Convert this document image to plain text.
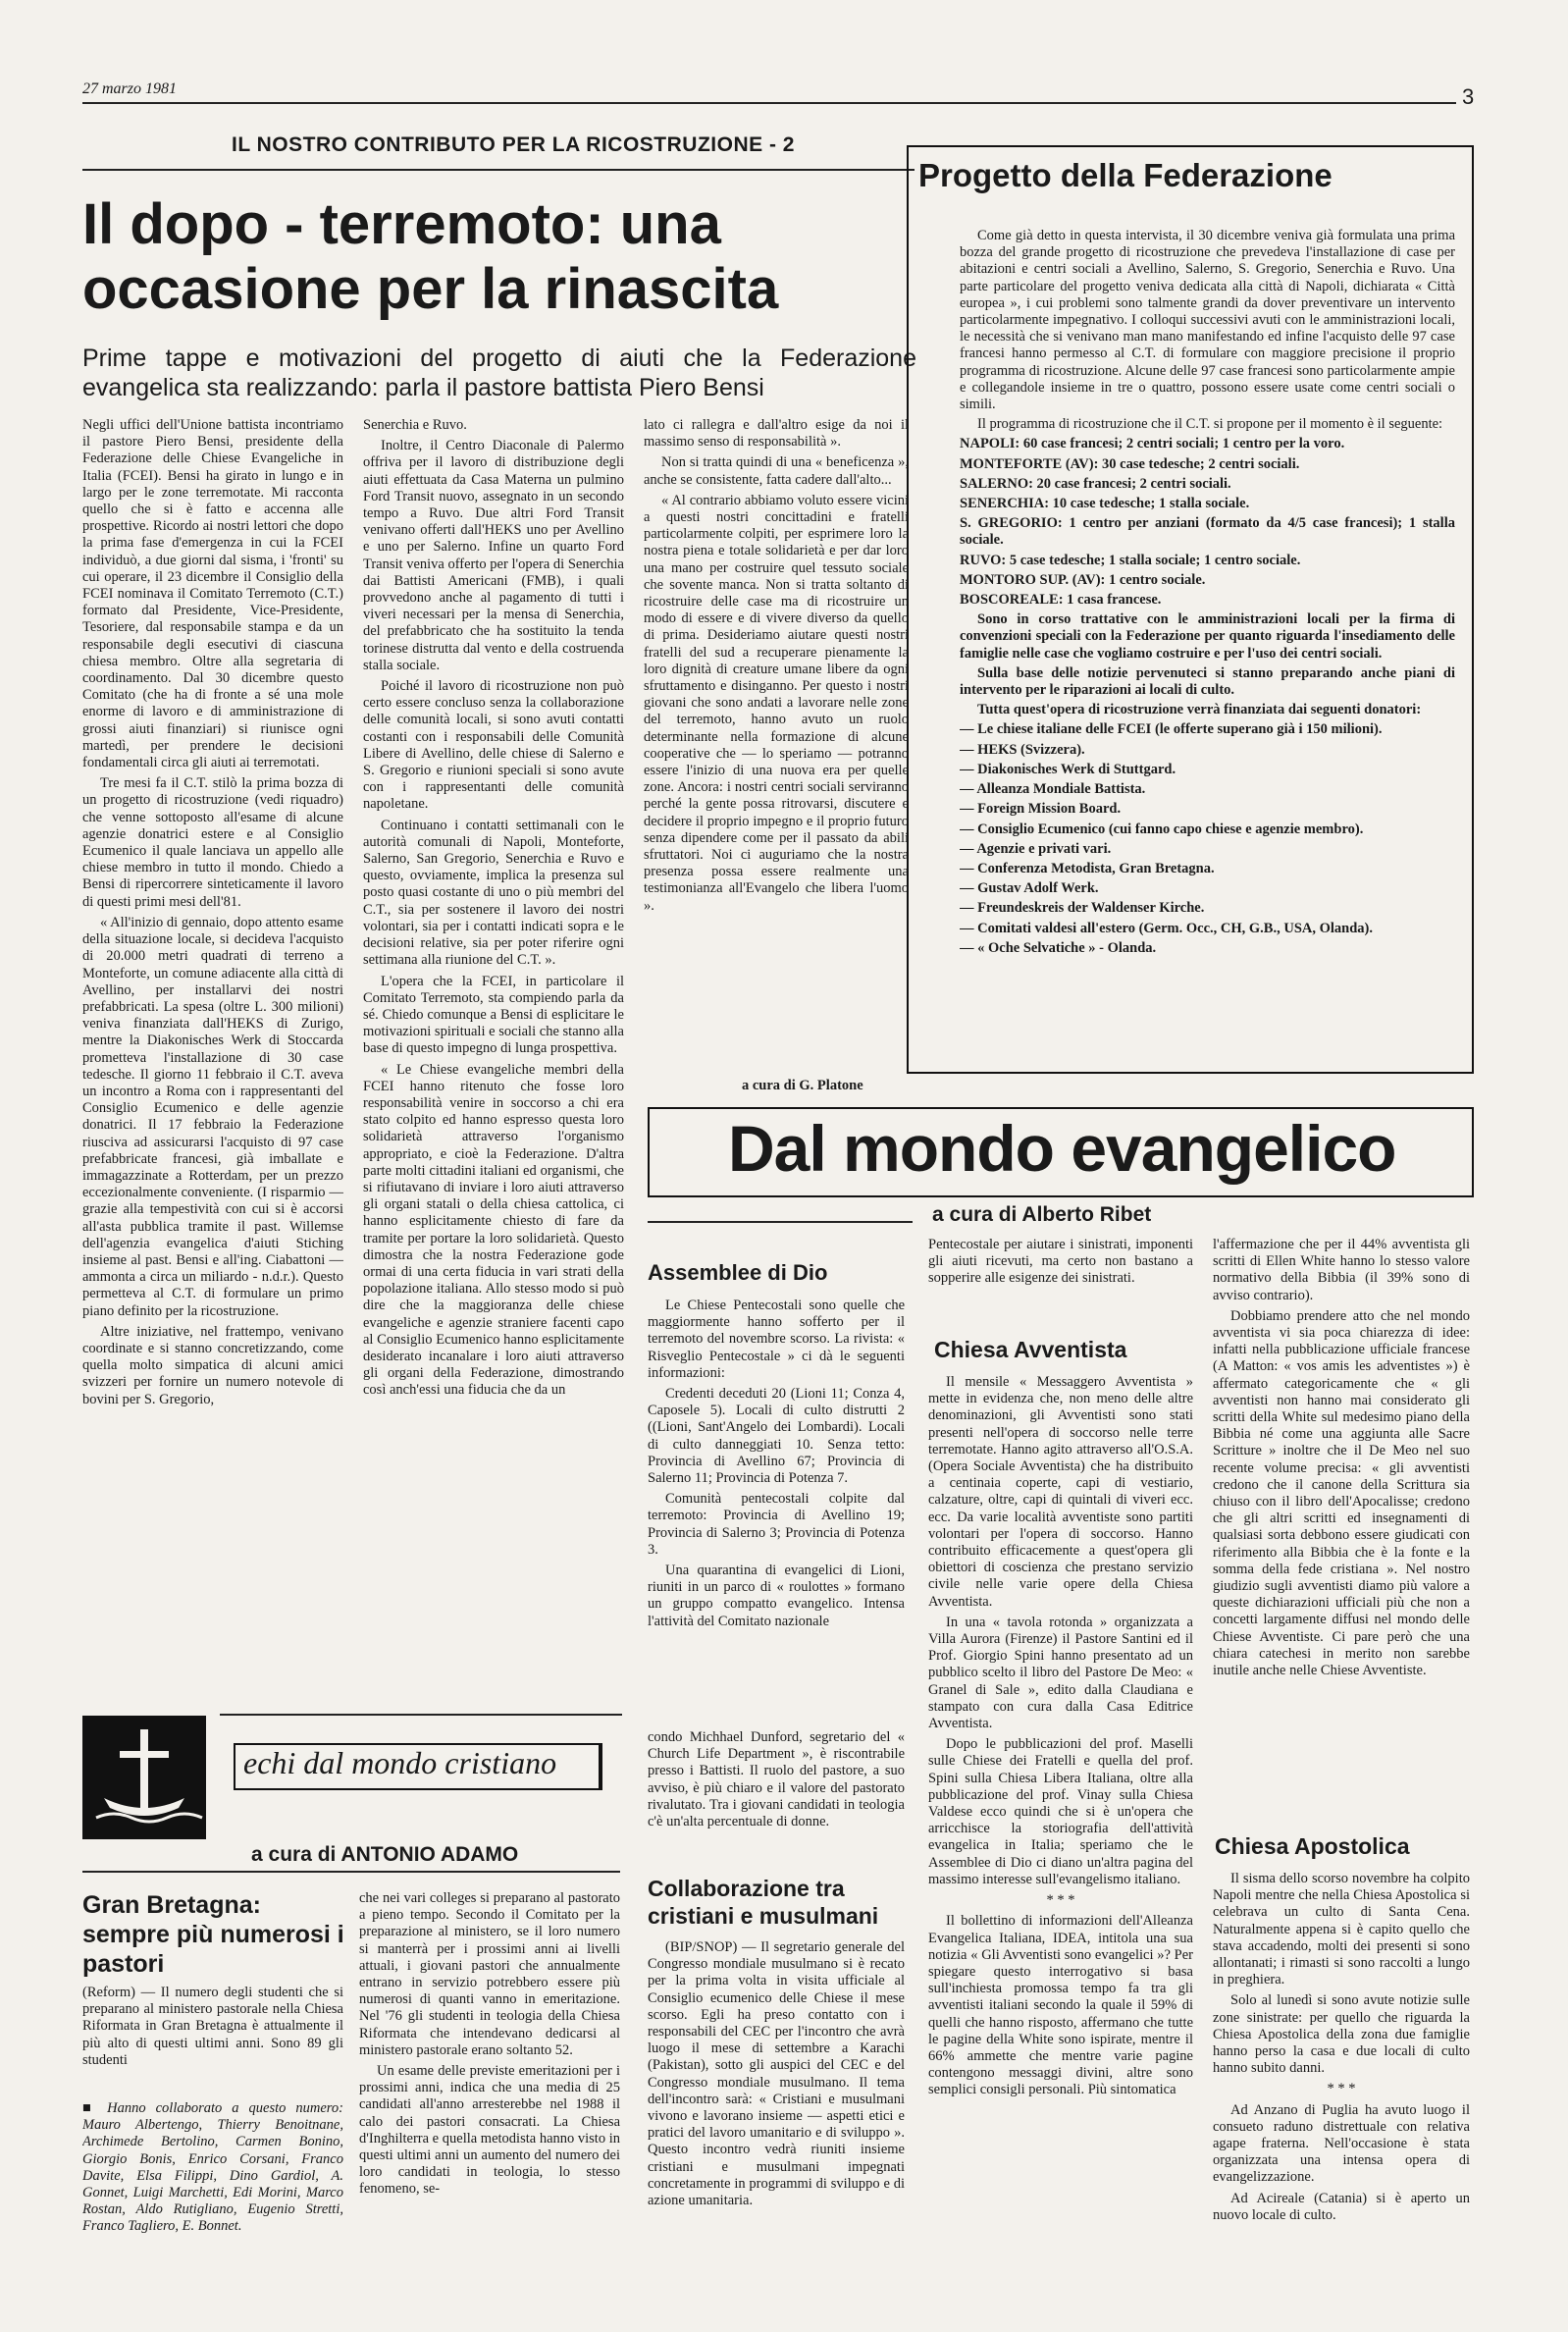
27 marzo 1981	3
IL NOSTRO CONTRIBUTO PER LA RICOSTRUZIONE - 2
Il dopo - terremoto: una occasione per la rinascita
Prime tappe e motivazioni del progetto di aiuti che la Federazione evangelica sta realizzando: parla il pastore battista Piero Bensi

Negli uffici dell'Unione battista incontriamo il pastore Piero Bensi, presidente della Federazione delle Chiese Evangeliche in Italia (FCEI). Bensi ha girato in lungo e in largo per le zone terremotate. Mi racconta quello che si è fatto e accenna alle prospettive. Ricordo ai nostri lettori che dopo la prima fase d'emergenza in cui la FCEI individuò, a due giorni dal sisma, i 'fronti' su cui operare, il 23 dicembre il Consiglio della FCEI nominava il Comitato Terremoto (C.T.) formato dal Presidente, Vice-Presidente, Tesoriere, dal responsabile stampa e da un responsabile degli esecutivi di ciascuna chiesa membro. Oltre alla segretaria di coordinamento. Dal 30 dicembre questo Comitato (che ha di fronte a sé una mole enorme di lavoro e di amministrazione di grossi aiuti finanziari) si riunisce ogni martedì, per prendere le decisioni fondamentali circa gli aiuti ai terremotati.

Tre mesi fa il C.T. stilò la prima bozza di un progetto di ricostruzione (vedi riquadro) che venne sottoposto all'esame di alcune agenzie donatrici estere e al Consiglio Ecumenico il quale lanciava un appello alle chiese membro in tutto il mondo. Chiedo a Bensi di ripercorrere sinteticamente il lavoro di questi primi mesi dell'81.

« All'inizio di gennaio, dopo attento esame della situazione locale, si decideva l'acquisto di 20.000 metri quadrati di terreno a Monteforte, un comune adiacente alla città di Avellino, per installarvi dei nostri prefabbricati. La spesa (oltre L. 300 milioni) veniva finanziata dall'HEKS di Zurigo, mentre la Diakonisches Werk di Stoccarda prometteva l'installazione di 30 case tedesche. Il giorno 11 febbraio il C.T. aveva un incontro a Roma con i rappresentanti del Consiglio Ecumenico e delle agenzie donatrici. Il 17 febbraio la Federazione riusciva ad assicurarsi l'acquisto di 97 case prefabbricate francesi, già imballate e immagazzinate a Rotterdam, per un prezzo eccezionalmente conveniente. (I risparmio — grazie alla tempestività con cui si è accorsi all'asta pubblica tramite il past. Willemse dell'agenzia evangelica d'aiuti Stiching insieme al past. Bensi e all'ing. Ciabattoni — ammonta a circa un miliardo - n.d.r.). Questo permetteva al C.T. di formulare un primo piano definito per la ricostruzione.

Altre iniziative, nel frattempo, venivano coordinate e si stanno concretizzando, come quella molto simpatica di alcuni amici svizzeri per fornire un numero notevole di bovini per S. Gregorio,

Senerchia e Ruvo.

Inoltre, il Centro Diaconale di Palermo offriva per il lavoro di distribuzione degli aiuti effettuata da Casa Materna un pulmino Ford Transit nuovo, assegnato in un secondo tempo a Ruvo. Due altri Ford Transit venivano offerti dall'HEKS uno per Avellino e uno per Salerno. Infine un quarto Ford Transit veniva offerto per l'opera di Senerchia dai Battisti Americani (FMB), i quali provvedono anche al pagamento di tutti i viveri necessari per la mensa di Senerchia, del prefabbricato che ha sostituito la tenda torinese distrutta dal vento e della costruenda stalla sociale.

Poiché il lavoro di ricostruzione non può certo essere concluso senza la collaborazione delle comunità locali, si sono avuti contatti costanti con i responsabili delle Comunità Libere di Avellino, delle chiese di Salerno e S. Gregorio e riunioni speciali si sono avute con i rappresentanti delle comunità napoletane.

Continuano i contatti settimanali con le autorità comunali di Napoli, Monteforte, Salerno, San Gregorio, Senerchia e Ruvo e questo, ovviamente, implica la presenza sul posto quasi costante di uno o più membri del C.T., sia per sostenere il lavoro dei nostri volontari, sia per i contatti indicati sopra e le decisioni relative, sia per poter riferire ogni settimana alla riunione del C.T. ».

L'opera che la FCEI, in particolare il Comitato Terremoto, sta compiendo parla da sé. Chiedo comunque a Bensi di esplicitare le motivazioni spirituali e sociali che stanno alla base di questo impegno di lunga prospettiva.

« Le Chiese evangeliche membri della FCEI hanno ritenuto che fosse loro responsabilità venire in soccorso a chi era stato colpito ed hanno espresso questa loro solidarietà attraverso l'organismo appropriato, e cioè la Federazione. D'altra parte molti cittadini italiani ed organismi, che si rifiutavano di inviare i loro aiuti attraverso gli organi statali o della chiesa cattolica, ci hanno esplicitamente chiesto di fare da tramite per portare la loro solidarietà. Questo dimostra che la nostra Federazione gode ormai di una certa fiducia in vari strati della popolazione italiana. Allo stesso modo si può dire che la maggioranza delle chiese evangeliche e agenzie straniere facenti capo al Consiglio Ecumenico hanno esplicitamente desiderato incanalare i loro aiuti attraverso gli organi della Federazione, dimostrando così anch'essi una fiducia che da un

lato ci rallegra e dall'altro esige da noi il massimo senso di responsabilità ».

Non si tratta quindi di una « beneficenza », anche se consistente, fatta cadere dall'alto...

« Al contrario abbiamo voluto essere vicini a questi nostri concittadini e fratelli particolarmente colpiti, per esprimere loro la nostra piena e totale solidarietà e per dar loro una mano per costruire quel tessuto sociale che sovente manca. Non si tratta soltanto di ricostruire delle case ma di ricostruire un modo di essere e di vivere diverso da quello di prima. Desideriamo aiutare questi nostri fratelli del sud a recuperare pienamente la loro dignità di creature umane libere da ogni sfruttamento e disinganno. Per questo i nostri giovani che sono andati a lavorare nelle zone del terremoto, hanno avuto un ruolo determinante nella formazione di alcune cooperative che — lo speriamo — potranno essere l'inizio di una nuova era per quelle zone. Ancora: i nostri centri sociali serviranno perché la gente possa ritrovarsi, discutere e decidere il proprio impegno e il proprio futuro senza dipendere come per il passato da abili sfruttatori. Noi ci auguriamo che la nostra presenza possa essere realmente una testimonianza all'Evangelo che libera l'uomo ».

a cura di G. Platone
Progetto della Federazione

Come già detto in questa intervista, il 30 dicembre veniva già formulata una prima bozza del grande progetto di ricostruzione che prevedeva l'installazione di case per abitazioni e centri sociali a Avellino, Salerno, S. Gregorio, Senerchia e Ruvo. Una parte particolare del progetto veniva dedicata alla città di Napoli, dichiarata « Città europea », i cui problemi sono talmente grandi da dover preventivare un intervento particolarmente impegnativo. I colloqui successivi avuti con le amministrazioni locali, le necessità che si venivano man mano manifestando ed infine l'acquisto delle 97 case francesi hanno permesso al C.T. di formulare con maggiore precisione il proprio programma di ricostruzione. Alcune delle 97 case francesi sono particolarmente ampie e collegandole insieme in tre o quattro, possono essere usate come centri sociali o simili.

Il programma di ricostruzione che il C.T. si propone per il momento è il seguente:

NAPOLI: 60 case francesi; 2 centri sociali; 1 centro per la voro.

MONTEFORTE (AV): 30 case tedesche; 2 centri sociali.

SALERNO: 20 case francesi; 2 centri sociali.

SENERCHIA: 10 case tedesche; 1 stalla sociale.

S. GREGORIO: 1 centro per anziani (formato da 4/5 case francesi); 1 stalla sociale.

RUVO: 5 case tedesche; 1 stalla sociale; 1 centro sociale.

MONTORO SUP. (AV): 1 centro sociale.

BOSCOREALE: 1 casa francese.

Sono in corso trattative con le amministrazioni locali per la firma di convenzioni speciali con la Federazione per quanto riguarda l'insediamento delle famiglie nelle case che vogliamo costruire e per l'uso dei centri sociali.

Sulla base delle notizie pervenuteci si stanno preparando anche piani di intervento per le riparazioni ai locali di culto.

Tutta quest'opera di ricostruzione verrà finanziata dai seguenti donatori:

— Le chiese italiane delle FCEI (le offerte superano già i 150 milioni).

— HEKS (Svizzera).

— Diakonisches Werk di Stuttgard.

— Alleanza Mondiale Battista.

— Foreign Mission Board.

— Consiglio Ecumenico (cui fanno capo chiese e agenzie membro).

— Agenzie e privati vari.

— Conferenza Metodista, Gran Bretagna.

— Gustav Adolf Werk.

— Freundeskreis der Waldenser Kirche.

— Comitati valdesi all'estero (Germ. Occ., CH, G.B., USA, Olanda).

— « Oche Selvatiche » - Olanda.

Dal mondo evangelico
a cura di Alberto Ribet
Assemblee di Dio

Le Chiese Pentecostali sono quelle che maggiormente hanno sofferto per il terremoto del novembre scorso. La rivista: « Risveglio Pentecostale » ci dà le seguenti informazioni:

Credenti deceduti 20 (Lioni 11; Conza 4, Caposele 5). Locali di culto distrutti 2 ((Lioni, Sant'Angelo dei Lombardi). Locali di culto danneggiati 10. Senza tetto: Provincia di Avellino 67; Provincia di Salerno 11; Provincia di Potenza 7.

Comunità pentecostali colpite dal terremoto: Provincia di Avellino 19; Provincia di Salerno 3; Provincia di Potenza 3.

Una quarantina di evangelici di Lioni, riuniti in un parco di « roulottes » formano un gruppo compatto evangelico. Intensa l'attività del Comitato nazionale

Pentecostale per aiutare i sinistrati, imponenti gli aiuti ricevuti, ma certo non bastano a sopperire alle esigenze dei sinistrati.

Chiesa Avventista

Il mensile « Messaggero Avventista » mette in evidenza che, non meno delle altre denominazioni, gli Avventisti sono stati presenti nell'opera di soccorso nelle terre terremotate. Hanno agito attraverso all'O.S.A. (Opera Sociale Avventista) che ha distribuito a centinaia coperte, capi di vestiario, calzature, oltre, capi di quintali di viveri ecc. ecc. Da varie località avventiste sono partiti volontari per l'opera di soccorso. Hanno contribuito efficacemente a quest'opera gli obiettori di coscienza che prestano servizio civile nelle varie opere della Chiesa Avventista.

In una « tavola rotonda » organizzata a Villa Aurora (Firenze) il Pastore Santini ed il Prof. Giorgio Spini hanno presentato ad un pubblico scelto il libro del Pastore De Meo: « Granel di Sale », edito dalla Claudiana e stampato con cura dalla Casa Editrice Avventista.

Dopo le pubblicazioni del prof. Maselli sulle Chiese dei Fratelli e quella del prof. Spini sulla Chiesa Libera Italiana, oltre alla pubblicazione del prof. Vinay sulla Chiesa Valdese ecco quindi che si è un'opera che arricchisce la storiografia dell'attività evangelica in Italia; speriamo che le Assemblee di Dio ci diano un'altra pagina del massimo interesse sull'evangelismo italiano.

* * *

Il bollettino di informazioni dell'Alleanza Evangelica Italiana, IDEA, intitola una sua notizia « Gli Avventisti sono evangelici »? Per spiegare questo interrogativo si basa sull'inchiesta promossa tempo fa tra gli avventisti italiani secondo la quale il 59% di quelli che hanno risposto, affermano che tutte le pagine della White sono ispirate, mentre il 66% ammette che mentre varie pagine contengono messaggi divini, altre sono semplici consigli personali. Più sintomatica

l'affermazione che per il 44% avventista gli scritti di Ellen White hanno lo stesso valore normativo della Bibbia (il 39% sono di avviso contrario).

Dobbiamo prendere atto che nel mondo avventista vi sia poca chiarezza di idee: infatti nella pubblicazione ufficiale francese (A Matton: « vos amis les adventistes ») è affermato categoricamente che « gli avventisti non hanno mai considerato gli scritti della White sul medesimo piano della Bibbia né come una aggiunta alle Sacre Scritture » inoltre che il De Meo nel suo recente volume precisa: « gli avventisti credono che il canone della Scrittura sia chiuso con il libro dell'Apocalisse; credono che gli altri scritti ed insegnamenti di qualsiasi sorta debbono essere giudicati con riferimento alla Bibbia che è la fonte e la somma della fede cristiana ». Nel nostro giudizio sugli avventisti diamo più valore a queste dichiarazioni ufficiali più che non a concetti largamente diffusi nel mondo delle Chiese Avventiste. Ci pare però che una chiara catechesi in merito non sarebbe inutile anche nelle Chiese Avventiste.

Chiesa Apostolica

Il sisma dello scorso novembre ha colpito Napoli mentre che nella Chiesa Apostolica si celebrava un culto di Santa Cena. Naturalmente appena si è capito quello che stava accadendo, molti dei presenti si sono allontanati; i rimasti si sono raccolti a lungo in preghiera.

Solo al lunedì si sono avute notizie sulle zone sinistrate: per quello che riguarda la Chiesa Apostolica della zona due famiglie hanno perso la casa e due locali di culto hanno subito danni.

* * *

Ad Anzano di Puglia ha avuto luogo il consueto raduno distrettuale con relativa agape fraterna. Nell'occasione è stata organizzata una intensa opera di evangelizzazione.

Ad Acireale (Catania) si è aperto un nuovo locale di culto.

echi dal mondo cristiano
a cura di ANTONIO ADAMO
Gran Bretagna: sempre più numerosi i pastori

(Reform) — Il numero degli studenti che si preparano al ministero pastorale nella Chiesa Riformata in Gran Bretagna è attualmente il più alto di questi ultimi anni. Sono 89 gli studenti

■ Hanno collaborato a questo numero: Mauro Albertengo, Thierry Benoitnane, Archimede Bertolino, Carmen Bonino, Giorgio Bonis, Enrico Corsani, Franco Davite, Elsa Filippi, Dino Gardiol, A. Gonnet, Luigi Marchetti, Edi Morini, Marco Rostan, Aldo Rutigliano, Eugenio Stretti, Franco Tagliero, E. Bonnet.

che nei vari colleges si preparano al pastorato a pieno tempo. Secondo il Comitato per la preparazione al ministero, se il loro numero si manterrà per i prossimi anni ai livelli attuali, i giovani pastori che annualmente entrano in servizio potrebbero essere più numerosi di quanti vanno in emeritazione. Nel '76 gli studenti in teologia della Chiesa Riformata che intendevano dedicarsi al ministero pastorale erano soltanto 52.

Un esame delle previste emeritazioni per i prossimi anni, indica che una media di 25 candidati all'anno arresterebbe nel 1988 il calo dei pastori consacrati. La Chiesa d'Inghilterra e quella metodista hanno visto in questi ultimi anni un aumento del numero dei loro candidati in teologia, lo stesso fenomeno, se-

condo Michhael Dunford, segretario del « Church Life Department », è riscontrabile presso i Battisti. Il ruolo del pastore, a suo avviso, è più chiaro e il valore del pastorato rivalutato. Tra i giovani candidati in teologia c'è un'alta percentuale di donne.

Collaborazione tra cristiani e musulmani

(BIP/SNOP) — Il segretario generale del Congresso mondiale musulmano si è recato per la prima volta in visita ufficiale al Consiglio ecumenico delle Chiese il mese scorso. Egli ha preso contatto con i responsabili del CEC per l'incontro che avrà luogo il mese di settembre a Karachi (Pakistan), sotto gli auspici del CEC e del Congresso mondiale musulmano. Il tema dell'incontro sarà: « Cristiani e musulmani vivono e lavorano insieme — aspetti etici e pratici del lavoro umanitario e di sviluppo ». Questo incontro vedrà riuniti insieme cristiani e musulmani impegnati concretamente in programmi di sviluppo e di azione umanitaria.
